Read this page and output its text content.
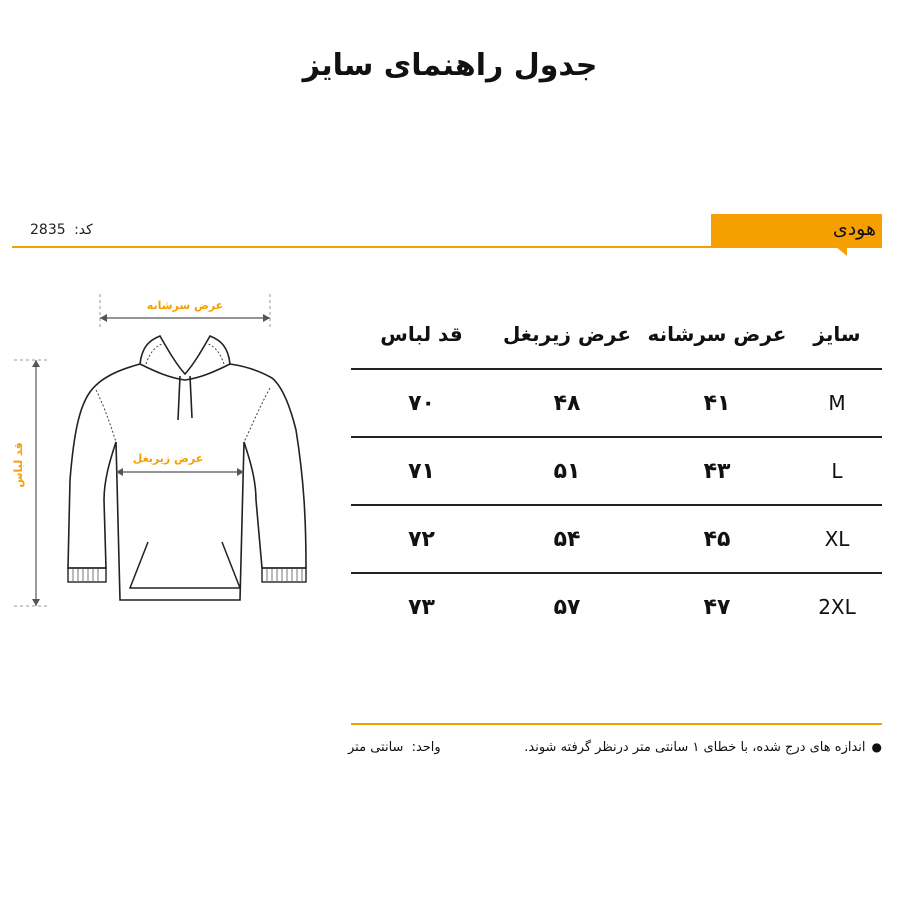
جدول راهنمای سایز
هودی
کد: 2835
عرض سرشانه
قد لباس	عرض زیربغل
سایز	عرض سرشانه	عرض زیربغل	قد لباس
M	۴۱	۴۸	۷۰
L	۴۳	۵۱	۷۱
XL	۴۵	۵۴	۷۲
2XL	۴۷	۵۷	۷۳
●اندازه های درج شده، با خطای ۱ سانتی متر درنظر گرفته شوند.
واحد: سانتی متر
